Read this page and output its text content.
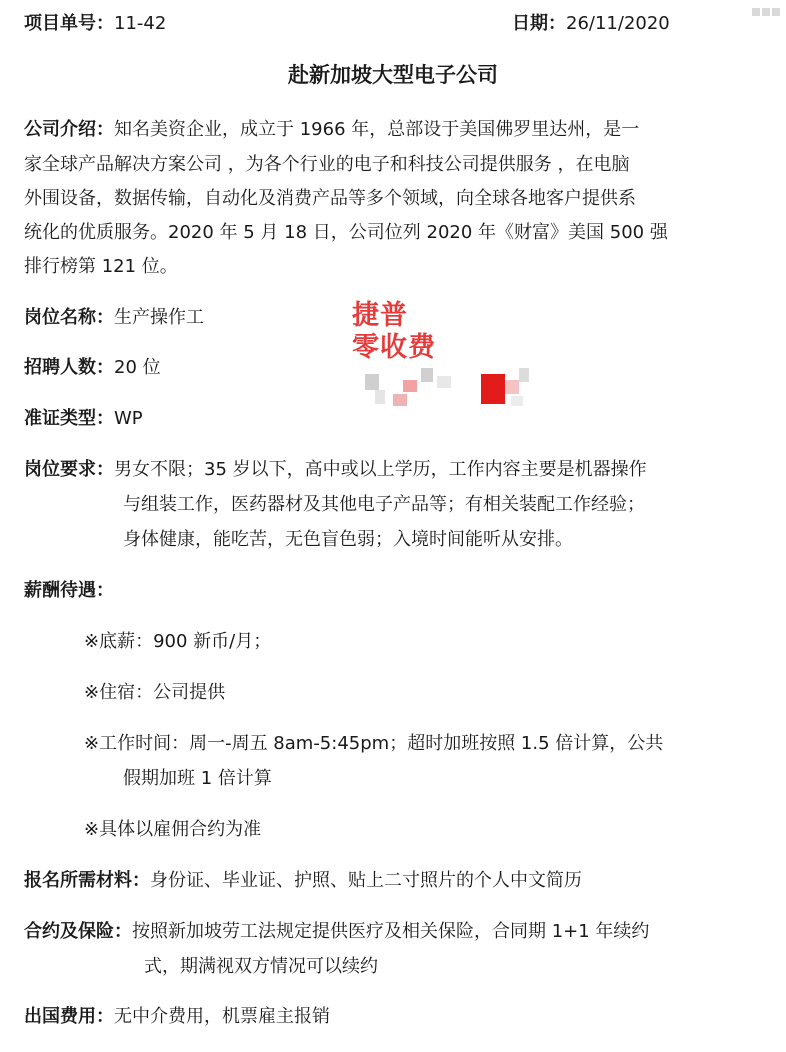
项目单号：11-42	日期：26/11/2020
赴新加坡大型电子公司
公司介绍：知名美资企业，成立于 1966 年，总部设于美国佛罗里达州，是一
家全球产品解决方案公司 ，为各个行业的电子和科技公司提供服务 ，在电脑
外围设备，数据传输，自动化及消费产品等多个领域，向全球各地客户提供系
统化的优质服务。2020 年 5 月 18 日，公司位列 2020 年《财富》美国 500 强
排行榜第 121 位。
岗位名称：生产操作工
招聘人数：20 位
准证类型：WP
捷普
零收费
岗位要求：男女不限；35 岁以下，高中或以上学历，工作内容主要是机器操作
与组装工作，医药器材及其他电子产品等；有相关装配工作经验；
身体健康，能吃苦，无色盲色弱；入境时间能听从安排。
薪酬待遇：
※底薪：900 新币/月；
※住宿：公司提供
※工作时间：周一-周五 8am-5:45pm；超时加班按照 1.5 倍计算，公共
假期加班 1 倍计算
※具体以雇佣合约为准
报名所需材料：身份证、毕业证、护照、贴上二寸照片的个人中文简历
合约及保险：按照新加坡劳工法规定提供医疗及相关保险，合同期 1+1 年续约
式，期满视双方情况可以续约
出国费用：无中介费用，机票雇主报销
